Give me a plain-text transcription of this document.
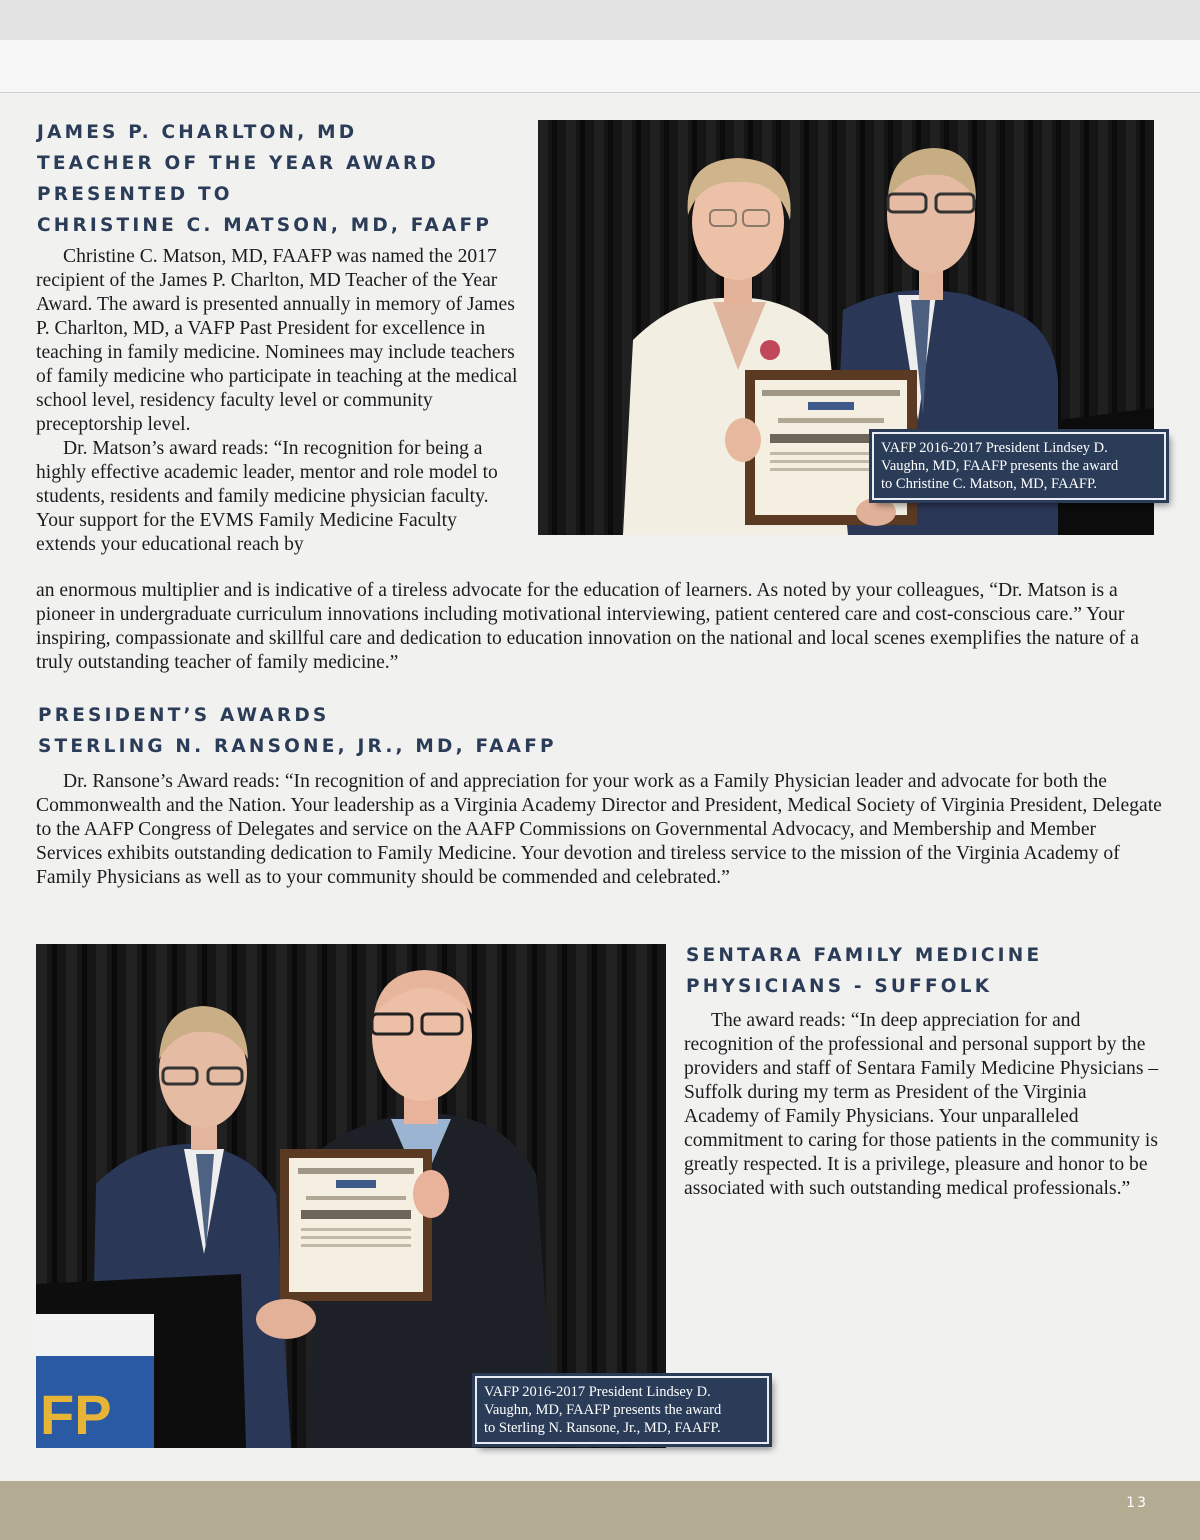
JAMES P. CHARLTON, MD

TEACHER OF THE YEAR AWARD

PRESENTED TO

CHRISTINE C. MATSON, MD, FAAFP

Christine C. Matson, MD, FAAFP was named the 2017 recipient of the James P. Charlton, MD Teacher of the Year Award. The award is presented annually in memory of James P. Charlton, MD, a VAFP Past President for excellence in teaching in family medicine. Nominees may include teachers of family medicine who participate in teaching at the medical school level, residency faculty level or community preceptorship level.

Dr. Matson’s award reads: “In recognition for being a highly effective academic leader, mentor and role model to students, residents and family medicine physician faculty. Your support for the EVMS Family Medicine Faculty extends your educational reach by

an enormous multiplier and is indicative of a tireless advocate for the education of learners. As noted by your colleagues, “Dr. Matson is a pioneer in undergraduate curriculum innovations including motivational interviewing, patient centered care and cost-conscious care.” Your inspiring, compassionate and skillful care and dedication to education innovation on the national and local scenes exemplifies the nature of a truly outstanding teacher of family medicine.”

VAFP 2016-2017 President Lindsey D.
Vaughn, MD, FAAFP presents the award
to Christine C. Matson, MD, FAAFP.

PRESIDENT’S AWARDS

STERLING N. RANSONE, JR., MD, FAAFP

Dr. Ransone’s Award reads: “In recognition of and appreciation for your work as a Family Physician leader and advocate for both the Commonwealth and the Nation. Your leadership as a Virginia Academy Director and President, Medical Society of Virginia President, Delegate to the AAFP Congress of Delegates and service on the AAFP Commissions on Governmental Advocacy, and Membership and Member Services exhibits outstanding dedication to Family Medicine. Your devotion and tireless service to the mission of the Virginia Academy of Family Physicians as well as to your community should be commended and celebrated.”

FP	VAFP 2016-2017 President Lindsey D.
Vaughn, MD, FAAFP presents the award
to Sterling N. Ransone, Jr., MD, FAAFP.

SENTARA FAMILY MEDICINE

PHYSICIANS - SUFFOLK

The award reads: “In deep appreciation for and recognition of the professional and personal support by the providers and staff of Sentara Family Medicine Physicians – Suffolk during my term as President of the Virginia Academy of Family Physicians. Your unparalleled commitment to caring for those patients in the community is greatly respected. It is a privilege, pleasure and honor to be associated with such outstanding medical professionals.”

13
